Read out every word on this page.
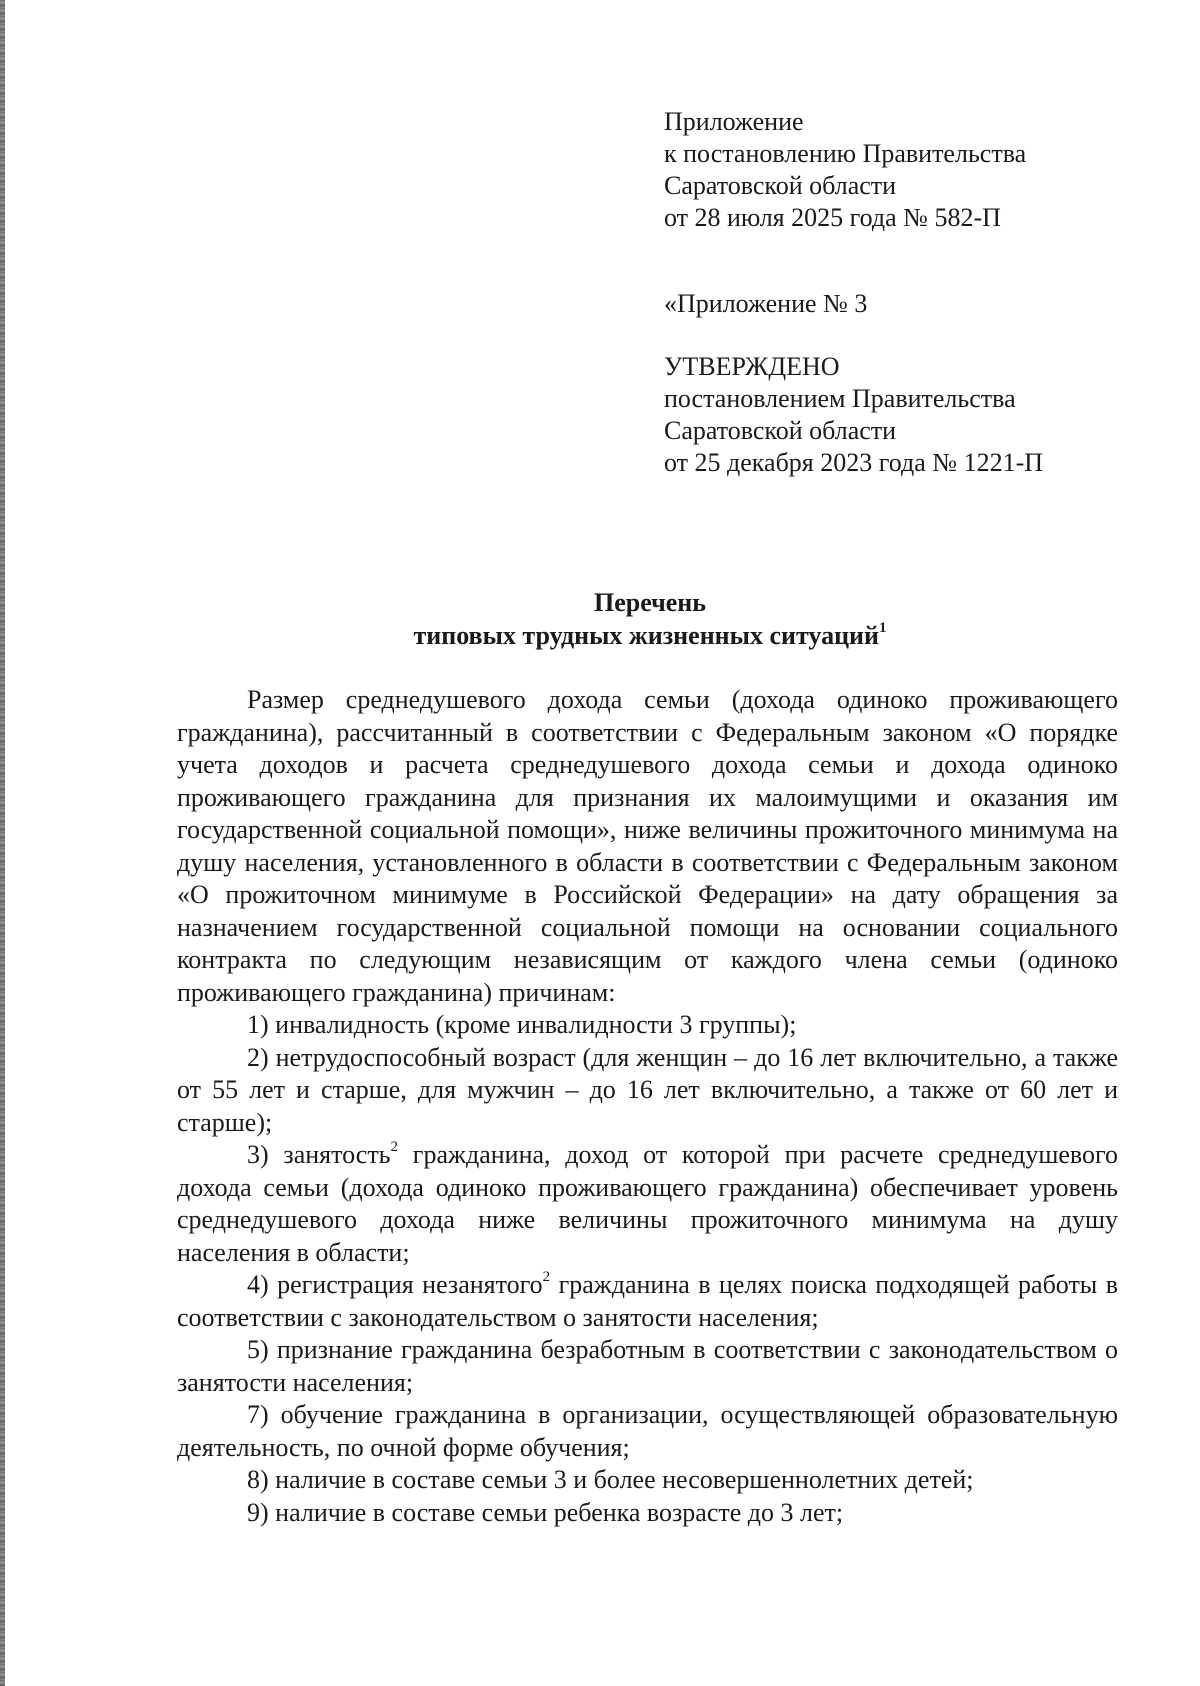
Приложение
к постановлению Правительства
Саратовской области
от 28 июля 2025 года № 582-П
«Приложение № 3
УТВЕРЖДЕНО
постановлением Правительства
Саратовской области
от 25 декабря 2023 года № 1221-П
Перечень
типовых трудных жизненных ситуаций$^1$

Размер среднедушевого дохода семьи (дохода одиноко проживающего гражданина), рассчитанный в соответствии с Федеральным законом «О порядке учета доходов и расчета среднедушевого дохода семьи и дохода одиноко проживающего гражданина для признания их малоимущими и оказания им государственной социальной помощи», ниже величины прожиточного минимума на душу населения, установленного в области в соответствии с Федеральным законом «О прожиточном минимуме в Российской Федерации» на дату обращения за назначением государственной социальной помощи на основании социального контракта по следующим независящим от каждого члена семьи (одиноко проживающего гражданина) причинам:

1) инвалидность (кроме инвалидности 3 группы);

2) нетрудоспособный возраст (для женщин – до 16 лет включительно, а также от 55 лет и старше, для мужчин – до 16 лет включительно, а также от 60 лет и старше);

3) занятость$^2$ гражданина, доход от которой при расчете среднедушевого дохода семьи (дохода одиноко проживающего гражданина) обеспечивает уровень среднедушевого дохода ниже величины прожиточного минимума на душу населения в области;

4) регистрация незанятого$^2$ гражданина в целях поиска подходящей работы в соответствии с законодательством о занятости населения;

5) признание гражданина безработным в соответствии с законодательством о занятости населения;

7) обучение гражданина в организации, осуществляющей образовательную деятельность, по очной форме обучения;

8) наличие в составе семьи 3 и более несовершеннолетних детей;

9) наличие в составе семьи ребенка возрасте до 3 лет;
